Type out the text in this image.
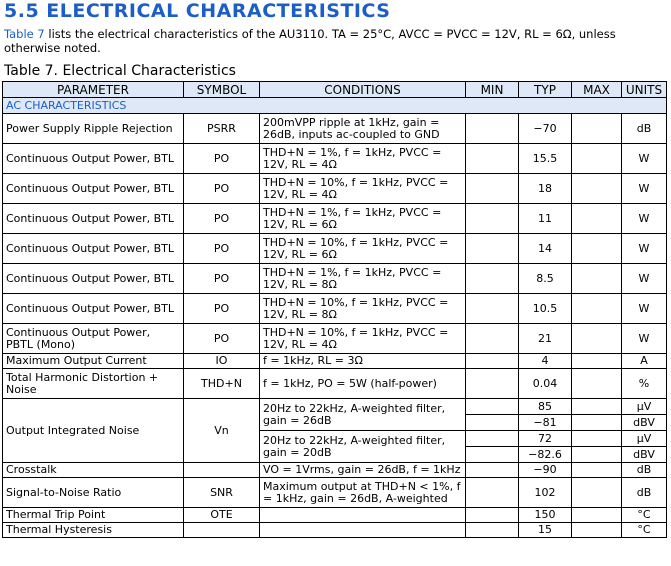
5.5 ELECTRICAL CHARACTERISTICS
Table 7 lists the electrical characteristics of the AU3110. TA = 25°C, AVCC = PVCC = 12V, RL = 6Ω, unless otherwise noted.
Table 7. Electrical Characteristics
PARAMETER	SYMBOL	CONDITIONS	MIN	TYP	MAX	UNITS
AC CHARACTERISTICS						
Power Supply Ripple Rejection	PSRR	200mVPP ripple at 1kHz, gain = 26dB, inputs ac-coupled to GND		−70		dB
Continuous Output Power, BTL	PO	THD+N = 1%, f = 1kHz, PVCC = 12V, RL = 4Ω		15.5		W
Continuous Output Power, BTL	PO	THD+N = 10%, f = 1kHz, PVCC = 12V, RL = 4Ω		18		W
Continuous Output Power, BTL	PO	THD+N = 1%, f = 1kHz, PVCC = 12V, RL = 6Ω		11		W
Continuous Output Power, BTL	PO	THD+N = 10%, f = 1kHz, PVCC = 12V, RL = 6Ω		14		W
Continuous Output Power, BTL	PO	THD+N = 1%, f = 1kHz, PVCC = 12V, RL = 8Ω		8.5		W
Continuous Output Power, BTL	PO	THD+N = 10%, f = 1kHz, PVCC = 12V, RL = 8Ω		10.5		W
Continuous Output Power, PBTL (Mono)	PO	THD+N = 10%, f = 1kHz, PVCC = 12V, RL = 4Ω		21		W
Maximum Output Current	IO	f = 1kHz, RL = 3Ω		4		A
Total Harmonic Distortion + Noise	THD+N	f = 1kHz, PO = 5W (half-power)		0.04		%
Output Integrated Noise	Vn	20Hz to 22kHz, A-weighted filter, gain = 26dB		85		µV
				−81		dBV
		20Hz to 22kHz, A-weighted filter, gain = 20dB		72		µV
				−82.6		dBV
Crosstalk		VO = 1Vrms, gain = 26dB, f = 1kHz		−90		dB
Signal-to-Noise Ratio	SNR	Maximum output at THD+N < 1%, f = 1kHz, gain = 26dB, A-weighted		102		dB
Thermal Trip Point	OTE			150		°C
Thermal Hysteresis				15		°C
